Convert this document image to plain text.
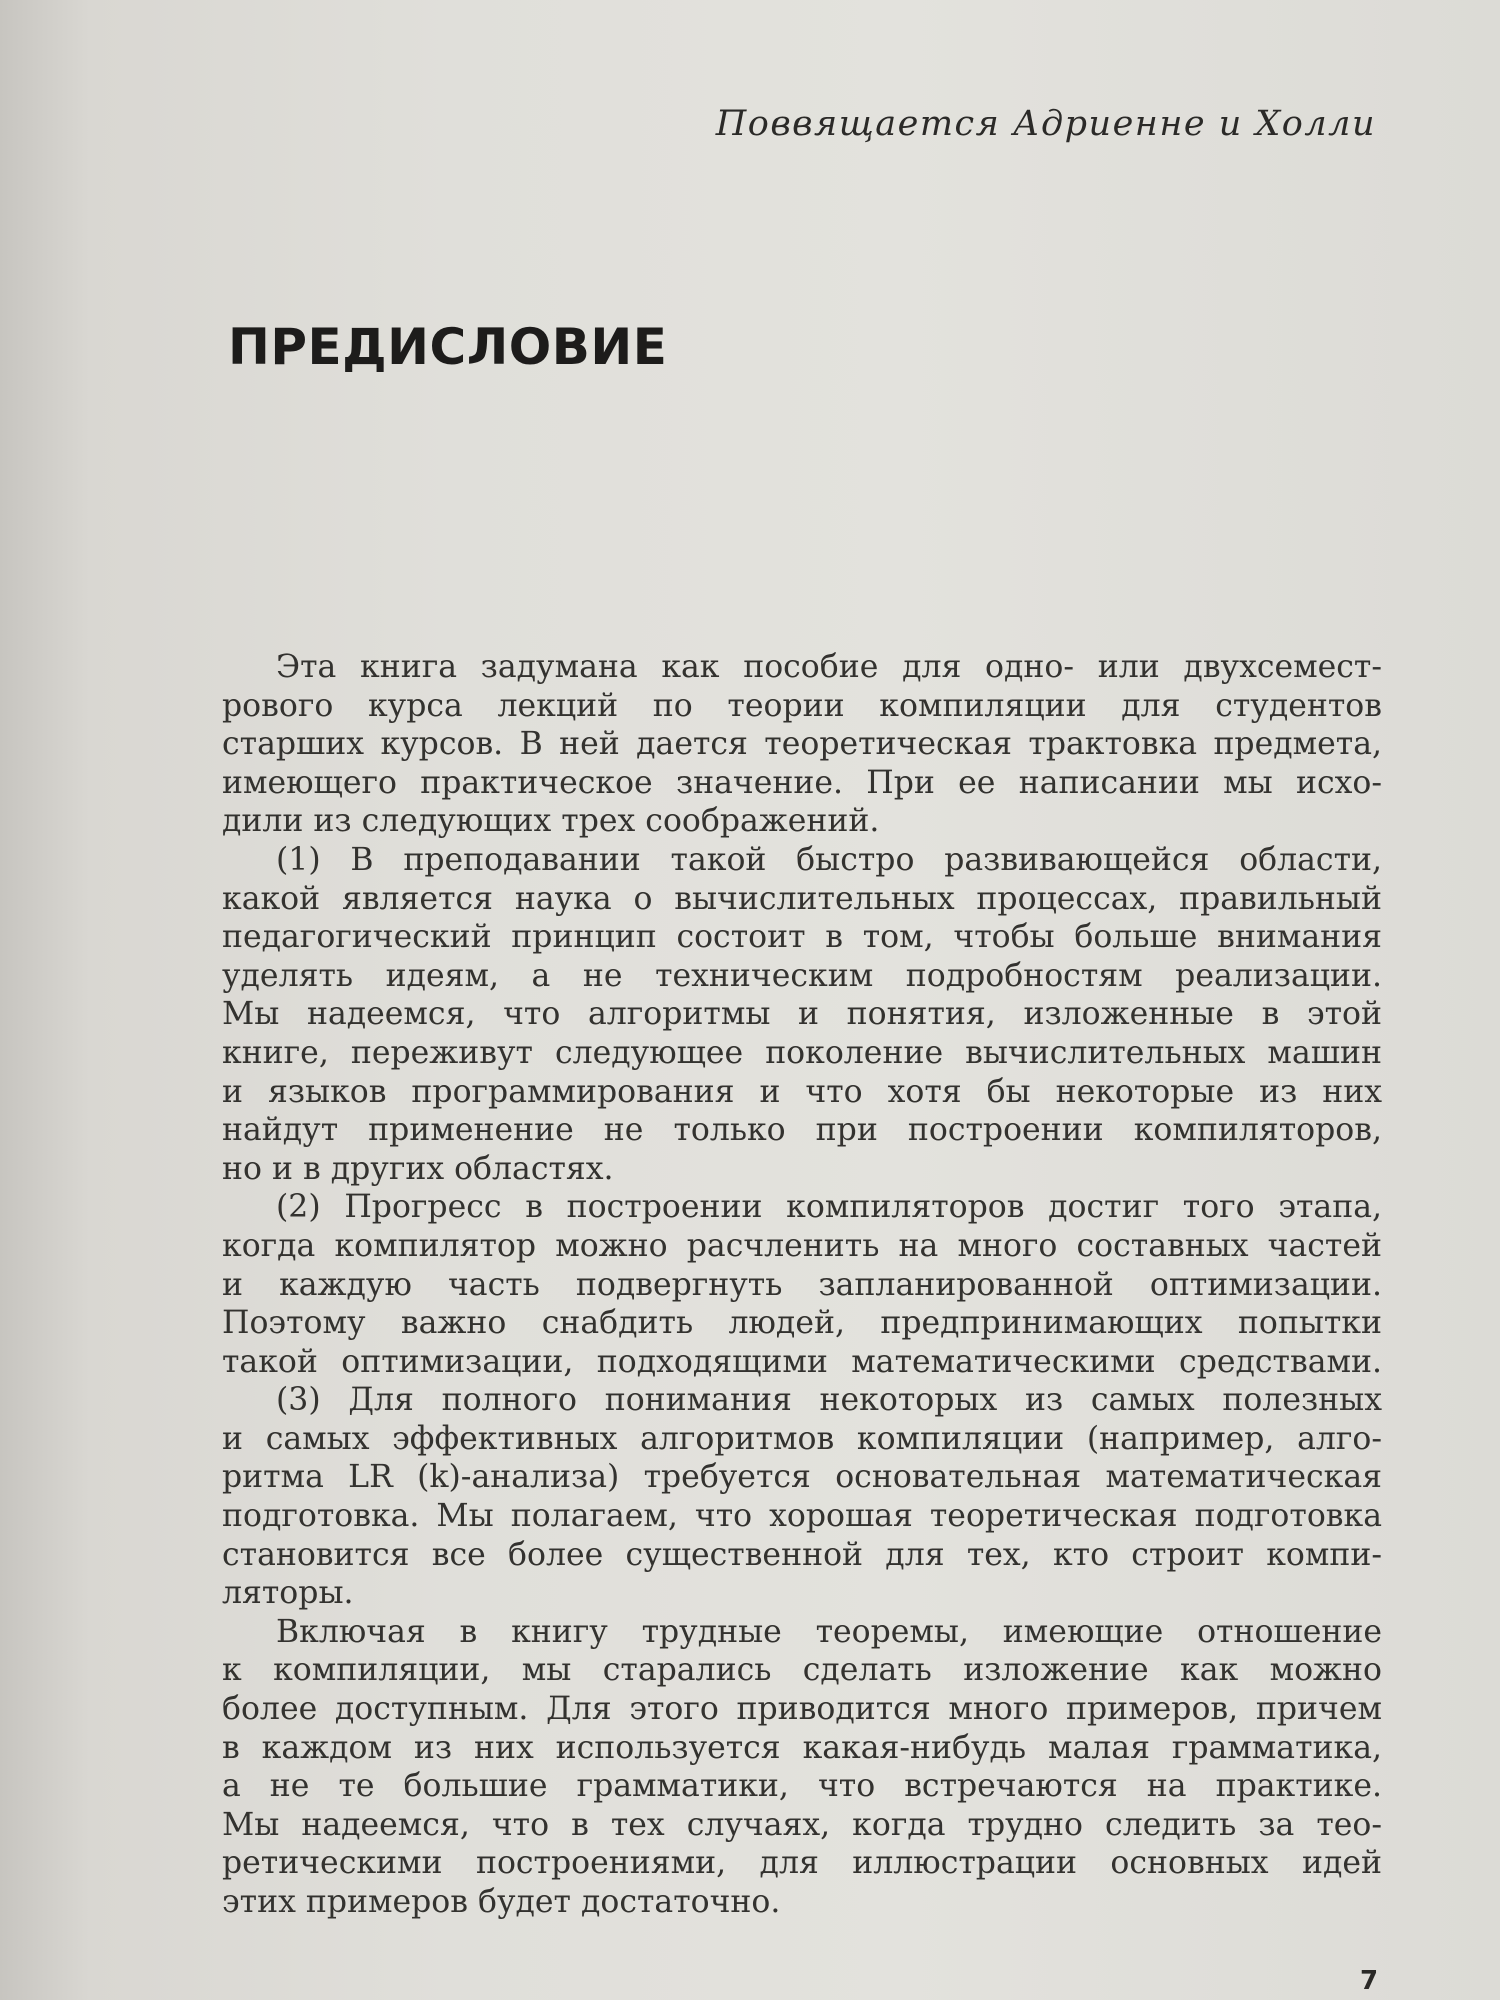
Поввящается Адриенне и Холли
ПРЕДИСЛОВИЕ
Эта книга задумана как пособие для одно- или двухсемест-
рового курса лекций по теории компиляции для студентов
старших курсов. В ней дается теоретическая трактовка предмета,
имеющего практическое значение. При ее написании мы исхо-
дили из следующих трех соображений.
(1) В преподавании такой быстро развивающейся области,
какой является наука о вычислительных процессах, правильный
педагогический принцип состоит в том, чтобы больше внимания
уделять идеям, а не техническим подробностям реализации.
Мы надеемся, что алгоритмы и понятия, изложенные в этой
книге, переживут следующее поколение вычислительных машин
и языков программирования и что хотя бы некоторые из них
найдут применение не только при построении компиляторов,
но и в других областях.
(2) Прогресс в построении компиляторов достиг того этапа,
когда компилятор можно расчленить на много составных частей
и каждую часть подвергнуть запланированной оптимизации.
Поэтому важно снабдить людей, предпринимающих попытки
такой оптимизации, подходящими математическими средствами.
(3) Для полного понимания некоторых из самых полезных
и самых эффективных алгоритмов компиляции (например, алго-
ритма LR (k)-анализа) требуется основательная математическая
подготовка. Мы полагаем, что хорошая теоретическая подготовка
становится все более существенной для тех, кто строит компи-
ляторы.
Включая в книгу трудные теоремы, имеющие отношение
к компиляции, мы старались сделать изложение как можно
более доступным. Для этого приводится много примеров, причем
в каждом из них используется какая-нибудь малая грамматика,
а не те большие грамматики, что встречаются на практике.
Мы надеемся, что в тех случаях, когда трудно следить за тео-
ретическими построениями, для иллюстрации основных идей
этих примеров будет достаточно.
7
